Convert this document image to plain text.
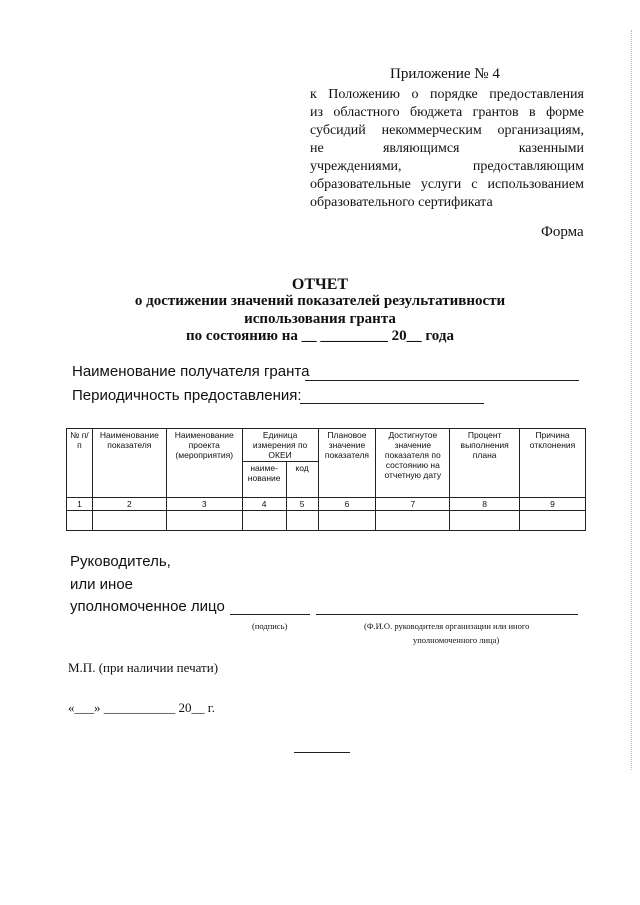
Приложение № 4
к Положению о порядке предоставления
из областного бюджета грантов в форме
субсидий некоммерческим организациям,
не являющимся казенными
учреждениями, предоставляющим
образовательные услуги с использованием
образовательного сертификата
Форма
ОТЧЕТ
о достижении значений показателей результативности
использования гранта
по состоянию на __ _________ 20__ года
Наименование получателя гранта
Периодичность предоставления:
№ п/п	Наименование показателя	Наименование проекта (мероприятия)	Единица измерения по ОКЕИ		Плановое значение показателя	Достигнутое значение показателя по состоянию на отчетную дату	Процент выполнения плана	Причина отклонения
			наиме-нование	код				
1	2	3	4	5	6	7	8	9

Руководитель,
или иное
уполномоченное лицо
(подпись)	(Ф.И.О. руководителя организации или иного
уполномоченного лица)
М.П. (при наличии печати)
«___» ___________ 20__ г.
